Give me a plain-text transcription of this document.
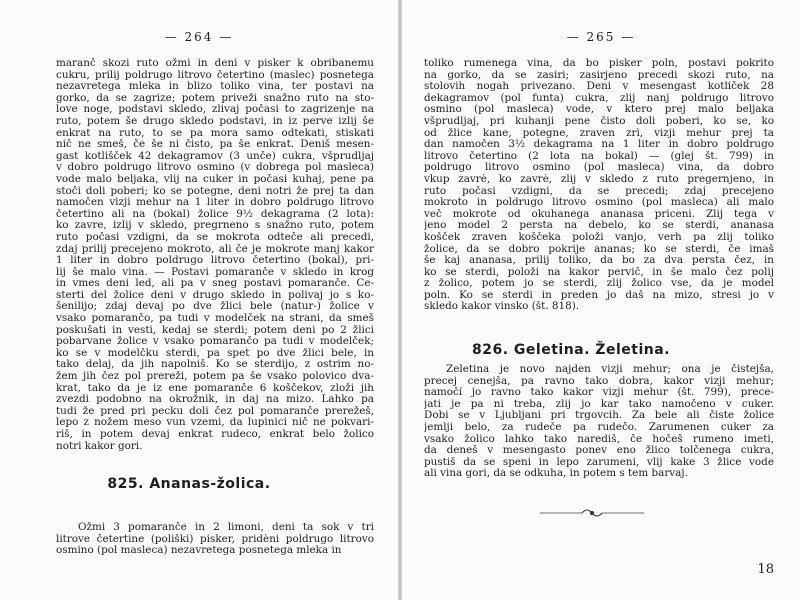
— 264 —
maranč skozi ruto ožmi in deni v pisker k obribanemu
cukru, prilij poldrugo litrovo četertino (maslec) posnetega
nezavretega mleka in blizo toliko vina, ter postavi na
gorko, da se zagrize; potem priveži snažno ruto na sto-
love noge, podstavi skledo, zlivaj počasi to zagrizenje na
ruto, potem še drugo skledo podstavi, in iz perve izlij še
enkrat na ruto, to se pa mora samo odtekati, stiskati
nič ne smeš, če še ni čisto, pa še enkrat. Deniš mesen-
gast kotlišček 42 dekagramov (3 unče) cukra, všprudljaj
v dobro poldrugo litrovo osmino (v dobrega pol masleca)
vode malo beljaka, vlij na cuker in počasi kuhaj, pene pa
stoči doli poberi; ko se potegne, deni notri že prej ta dan
namočen vizji mehur na 1 liter in dobro poldrugo litrovo
četertino ali na (bokal) žolice 9½ dekagrama (2 lota):
ko zavre, izlij v skledo, pregrneno s snažno ruto, potem
ruto počasi vzdigni, da se mokrota odteče ali precedi,
zdaj prilij precejeno mokroto, ali če je mokrote manj kakor
1 liter in dobro poldrugo litrovo četertino (bokal), pri-
lij še malo vina. — Postavi pomaranče v skledo in krog
in vmes deni led, ali pa v sneg postavi pomaranče. Ce-
sterti del žolice deni v drugo skledo in polivaj jo s ko-
šenilijo; zdaj devaj po dve žlici bele (natur-) žolice v
vsako pomarančo, pa tudi v modelček na strani, da smeš
poskušati in vesti, kedaj se sterdi; potem deni po 2 žlici
pobarvane žolice v vsako pomarančo pa tudi v modelček;
ko se v modelčku sterdi, pa spet po dve žlici bele, in
tako delaj, da jih napolniš. Ko se sterdijo, z ostrim no-
žem jih čez pol prereži, potem pa še vsako polovico dva-
krat, tako da je iz ene pomaranče 6 koščekov, zloži jih
zvezdi podobno na okrožnik, in daj na mizo. Lahko pa
tudi že pred pri pecku doli čez pol pomaranče prerežeš,
lepo z nožem meso vun vzemi, da lupinici nič ne pokvari-
riš, in potem devaj enkrat rudeco, enkrat belo žolico
notri kakor gori.
825. Ananas-žolica.
Ožmi 3 pomaranče in 2 limoni, deni ta sok v tri
litrove četertine (poliški) pisker, pridèni poldrugo litrovo
osmino (pol masleca) nezavretega posnetega mleka in
— 265 —
toliko rumenega vina, da bo pisker poln, postavi pokrito
na gorko, da se zasiri; zasirjeno precedi skozi ruto, na
stolovih nogah privezano. Deni v mesengast kotliček 28
dekagramov (pol funta) cukra, zlij nanj poldrugo litrovo
osmino (pol masleca) vode, v ktero prej malo beljaka
všprudljaj, pri kuhanji pene čisto doli poberi, ko se, ko
od žlice kane, potegne, zraven zrì, vizji mehur prej ta
dan namočen 3½ dekagrama na 1 liter in dobro poldrugo
litrovo četertino (2 lota na bokal) — (glej št. 799) in
poldrugo litrovo osmino (pol masleca) vina, da dobro
vkup zavrè, ko zavrè, zlij v skledo z ruto pregernjeno, in
ruto počasi vzdigni, da se precedi; zdaj precejeno
mokroto in poldrugo litrovo osmino (pol masleca) ali malo
več mokrote od okuhanega ananasa priceni. Zlij tega v
jeno model 2 persta na debelo, ko se sterdi, ananasa
košček zraven koščeka položi vanjo, verh pa zlij toliko
žolice, da se dobro pokrije ananas; ko se sterdi, če imaš
še kaj ananasa, prilij toliko, da bo za dva persta čez, in
ko se sterdi, položi na kakor pervič, in še malo čez polij
z žolico, potem jo se sterdi, zlij žolico vse, da je model
poln. Ko se sterdi in preden jo daš na mizo, stresi jo v
skledo kakor vinsko (št. 818).
826. Geletina. Želetina.
Želetina je novo najden vizji mehur; ona je čistejša,
precej cenejša, pa ravno tako dobra, kakor vizji mehur;
namočí jo ravno tako kakor vizji mehur (št. 799), prece-
jati je pa ni treba, zlij jo kar tako namočeno v cuker.
Dobi se v Ljubljani pri trgovcih. Za bele ali čiste žolice
jemlji belo, za rudeče pa rudečo. Zarumenen cuker za
vsako žolico lahko tako narediš, če hočeš rumeno imeti,
da deneš v mesengasto ponev eno žlico tolčenega cukra,
pustiš da se speni in lepo zarumeni, vlij kake 3 žlice vode
ali vina gori, da se odkuha, in potem s tem barvaj.
18
